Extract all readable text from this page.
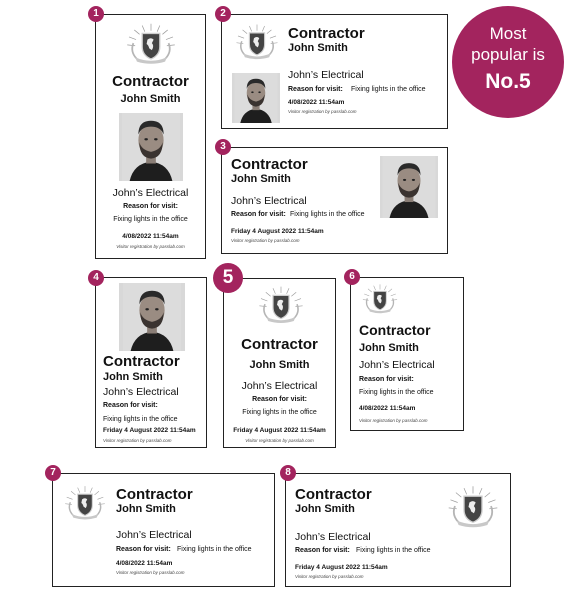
Most
popular is
No.5
Contractor
John Smith
John’s Electrical
Reason for visit:
Fixing lights in the office
4/08/2022 11:54am
Visitor registration by passlab.com
1
Contractor
John Smith
John’s Electrical
Reason for visit: Fixing lights in the office
4/08/2022 11:54am
Visitor registration by passlab.com
2
Contractor
John Smith
John’s Electrical
Reason for visit: Fixing lights in the office
Friday 4 August 2022 11:54am
Visitor registration by passlab.com
3
Contractor
John Smith
John’s Electrical
Reason for visit:
Fixing lights in the office
Friday 4 August 2022 11:54am
Visitor registration by passlab.com
4
Contractor
John Smith
John’s Electrical
Reason for visit:
Fixing lights in the office
Friday 4 August 2022 11:54am
Visitor registration by passlab.com
5
Contractor
John Smith
John’s Electrical
Reason for visit:
Fixing lights in the office
4/08/2022 11:54am
Visitor registration by passlab.com
6
Contractor
John Smith
John’s Electrical
Reason for visit: Fixing lights in the office
4/08/2022 11:54am
Visitor registration by passlab.com
7
Contractor
John Smith
John’s Electrical
Reason for visit: Fixing lights in the office
Friday 4 August 2022 11:54am
Visitor registration by passlab.com
8
